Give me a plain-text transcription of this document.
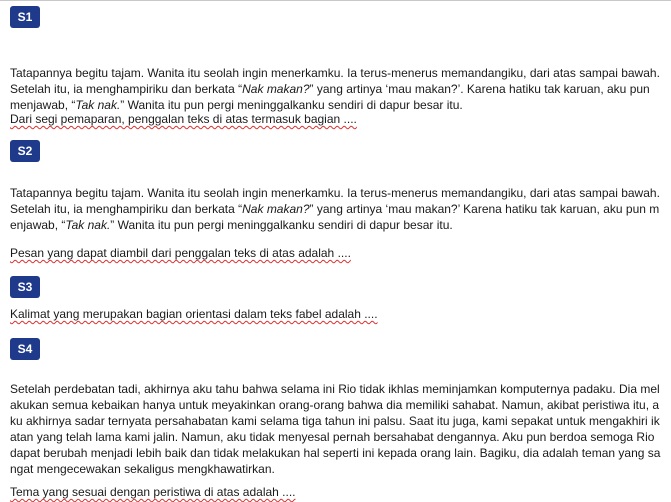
S1

Tatapannya begitu tajam. Wanita itu seolah ingin menerkamku. Ia terus-menerus memandangiku, dari atas sampai bawah.
Setelah itu, ia menghampiriku dan berkata “Nak makan?” yang artinya ‘mau makan?’. Karena hatiku tak karuan, aku pun
menjawab, “Tak nak.” Wanita itu pun pergi meninggalkanku sendiri di dapur besar itu.

Dari segi pemaparan, penggalan teks di atas termasuk bagian ....

S2

Tatapannya begitu tajam. Wanita itu seolah ingin menerkamku. Ia terus-menerus memandangiku, dari atas sampai bawah.
Setelah itu, ia menghampiriku dan berkata “Nak makan?” yang artinya ‘mau makan?’ Karena hatiku tak karuan, aku pun m
enjawab, “Tak nak.” Wanita itu pun pergi meninggalkanku sendiri di dapur besar itu.

Pesan yang dapat diambil dari penggalan teks di atas adalah ....

S3

Kalimat yang merupakan bagian orientasi dalam teks fabel adalah ....

S4

Setelah perdebatan tadi, akhirnya aku tahu bahwa selama ini Rio tidak ikhlas meminjamkan komputernya padaku. Dia mel
akukan semua kebaikan hanya untuk meyakinkan orang-orang bahwa dia memiliki sahabat. Namun, akibat peristiwa itu, a
ku akhirnya sadar ternyata persahabatan kami selama tiga tahun ini palsu. Saat itu juga, kami sepakat untuk mengakhiri ik
atan yang telah lama kami jalin. Namun, aku tidak menyesal pernah bersahabat dengannya. Aku pun berdoa semoga Rio
dapat berubah menjadi lebih baik dan tidak melakukan hal seperti ini kepada orang lain. Bagiku, dia adalah teman yang sa
ngat mengecewakan sekaligus mengkhawatirkan.

Tema yang sesuai dengan peristiwa di atas adalah ....
